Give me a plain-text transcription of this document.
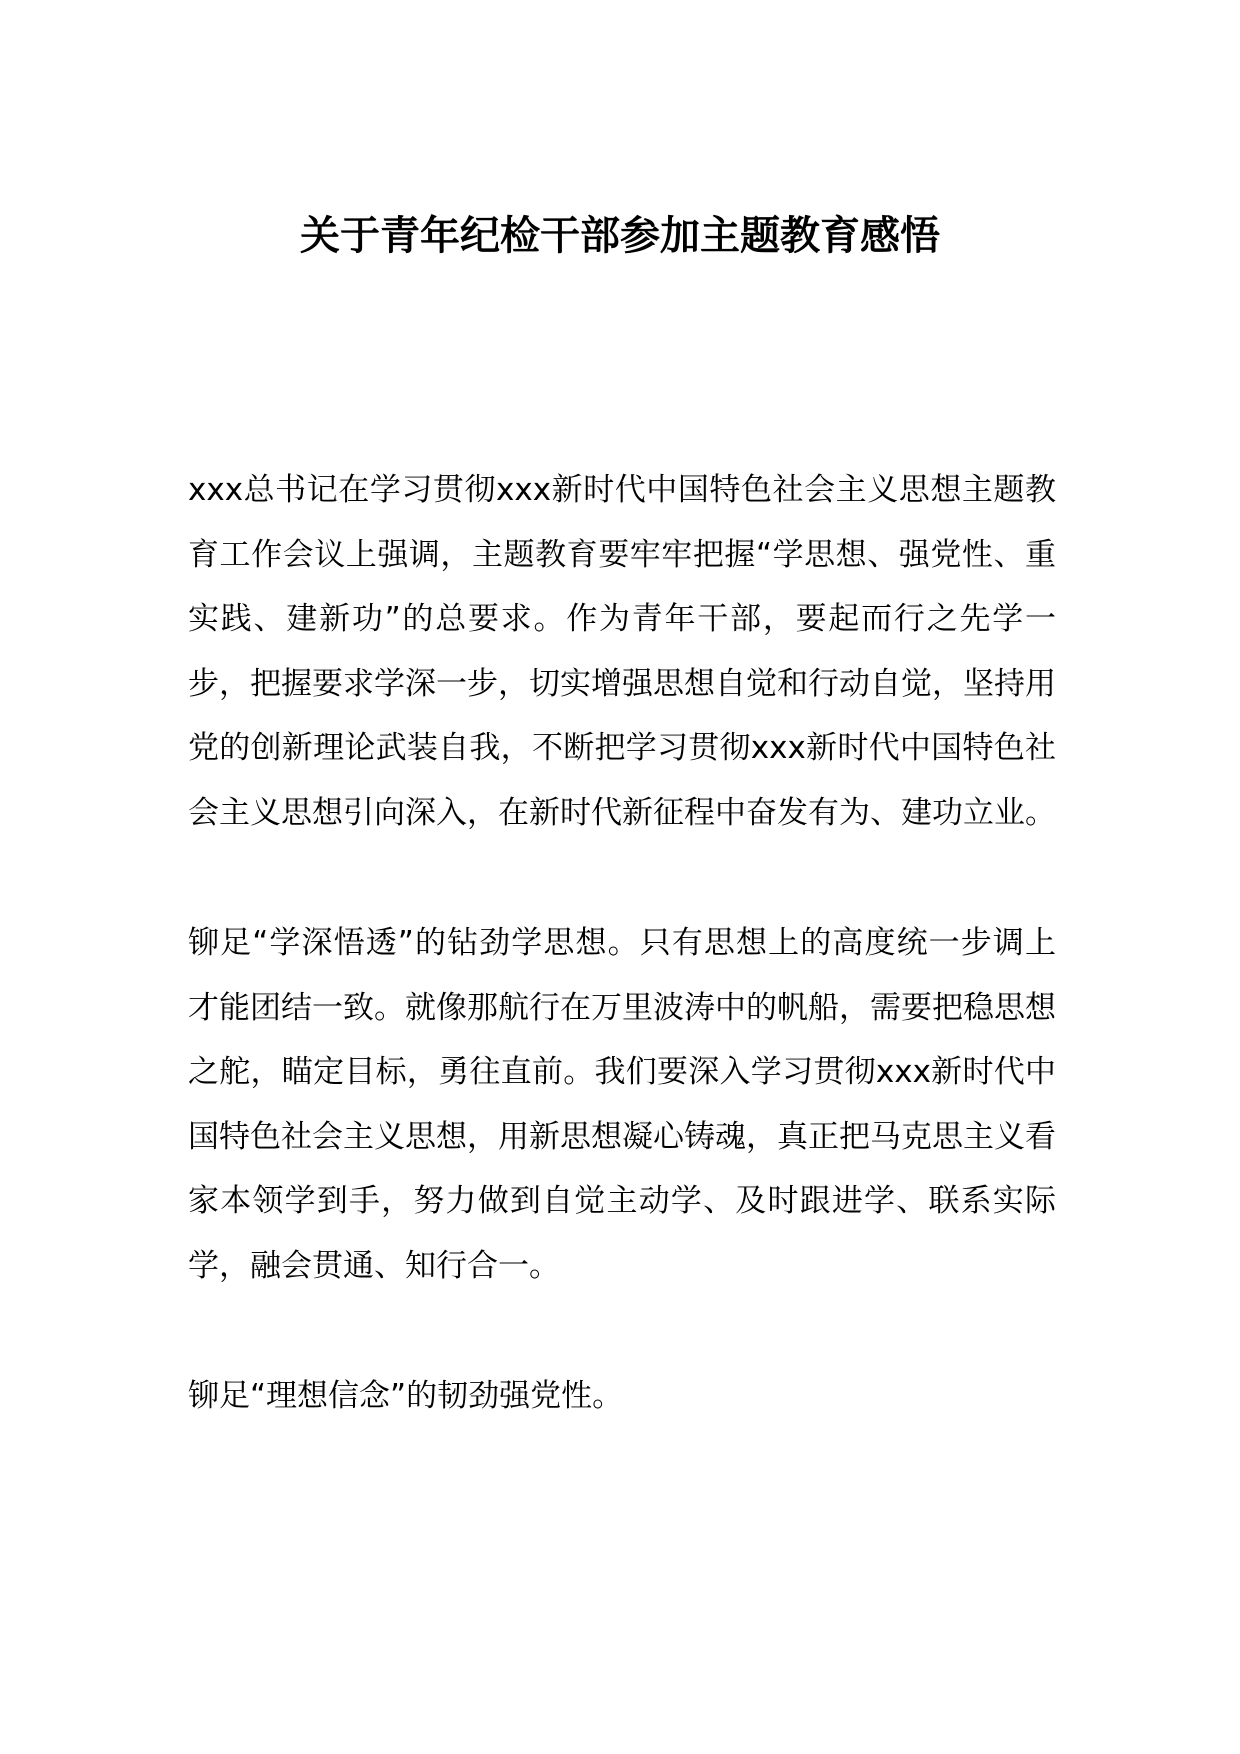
关于青年纪检干部参加主题教育感悟

xxx总书记在学习贯彻xxx新时代中国特色社会主义思想主题教育工作会议上强调，主题教育要牢牢把握“学思想、强党性、重实践、建新功”的总要求。作为青年干部，要起而行之先学一步，把握要求学深一步，切实增强思想自觉和行动自觉，坚持用党的创新理论武装自我，不断把学习贯彻xxx新时代中国特色社会主义思想引向深入，在新时代新征程中奋发有为、建功立业。

铆足“学深悟透”的钻劲学思想。只有思想上的高度统一步调上才能团结一致。就像那航行在万里波涛中的帆船，需要把稳思想之舵，瞄定目标，勇往直前。我们要深入学习贯彻xxx新时代中国特色社会主义思想，用新思想凝心铸魂，真正把马克思主义看家本领学到手，努力做到自觉主动学、及时跟进学、联系实际学，融会贯通、知行合一。

铆足“理想信念”的韧劲强党性。
